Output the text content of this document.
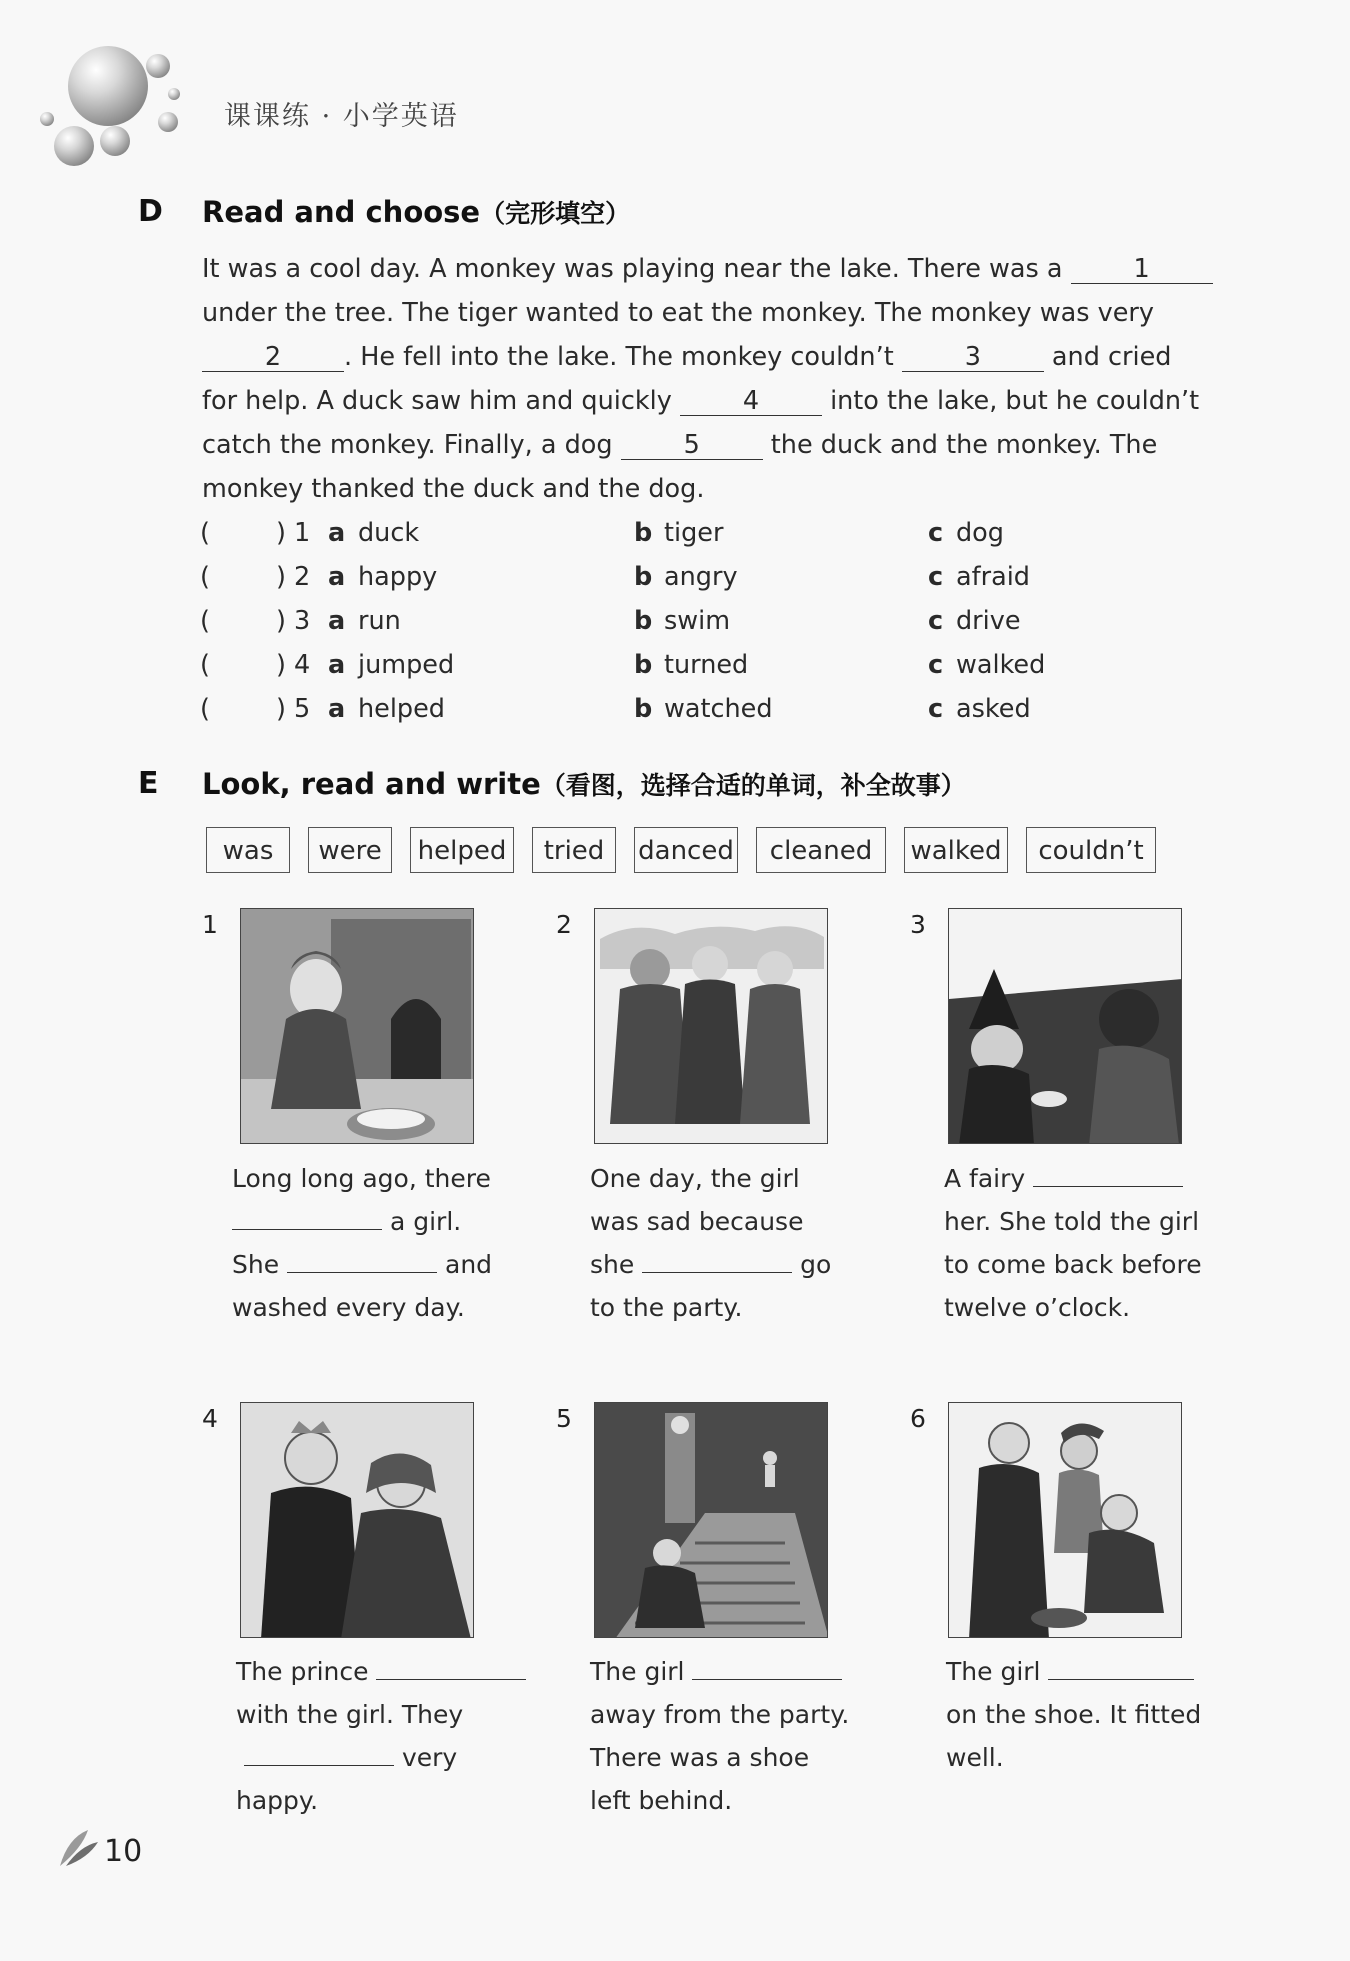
课课练 · 小学英语
D Read and choose（完形填空）
It was a cool day. A monkey was playing near the lake. There was a	1
under the tree. The tiger wanted to eat the monkey. The monkey was very
2 . He fell into the lake. The monkey couldn’t	3	and cried
for help. A duck saw him and quickly	4	into the lake, but he couldn’t
catch the monkey. Finally, a dog	5	the duck and the monkey. The
monkey thanked the duck and the dog.
(	) 1 a duck	b tiger	c dog
(	) 2 a happy	b angry	c afraid
(	) 3 a run	b swim	c drive
(	) 4 a jumped	b turned	c walked
(	) 5 a helped	b watched	c asked
E Look, read and write（看图，选择合适的单词，补全故事）
was	were	helped	tried	danced	cleaned	walked	couldn’t
1
Long long ago, there
a girl.
She	and
washed every day.
2
One day, the girl
was sad because
she	go
to the party.
3
A fairy
her. She told the girl
to come back before
twelve o’clock.
4
The prince
with the girl. They
very
happy.
5
The girl
away from the party.
There was a shoe
left behind.
6
The girl
on the shoe. It fitted
well.
10
